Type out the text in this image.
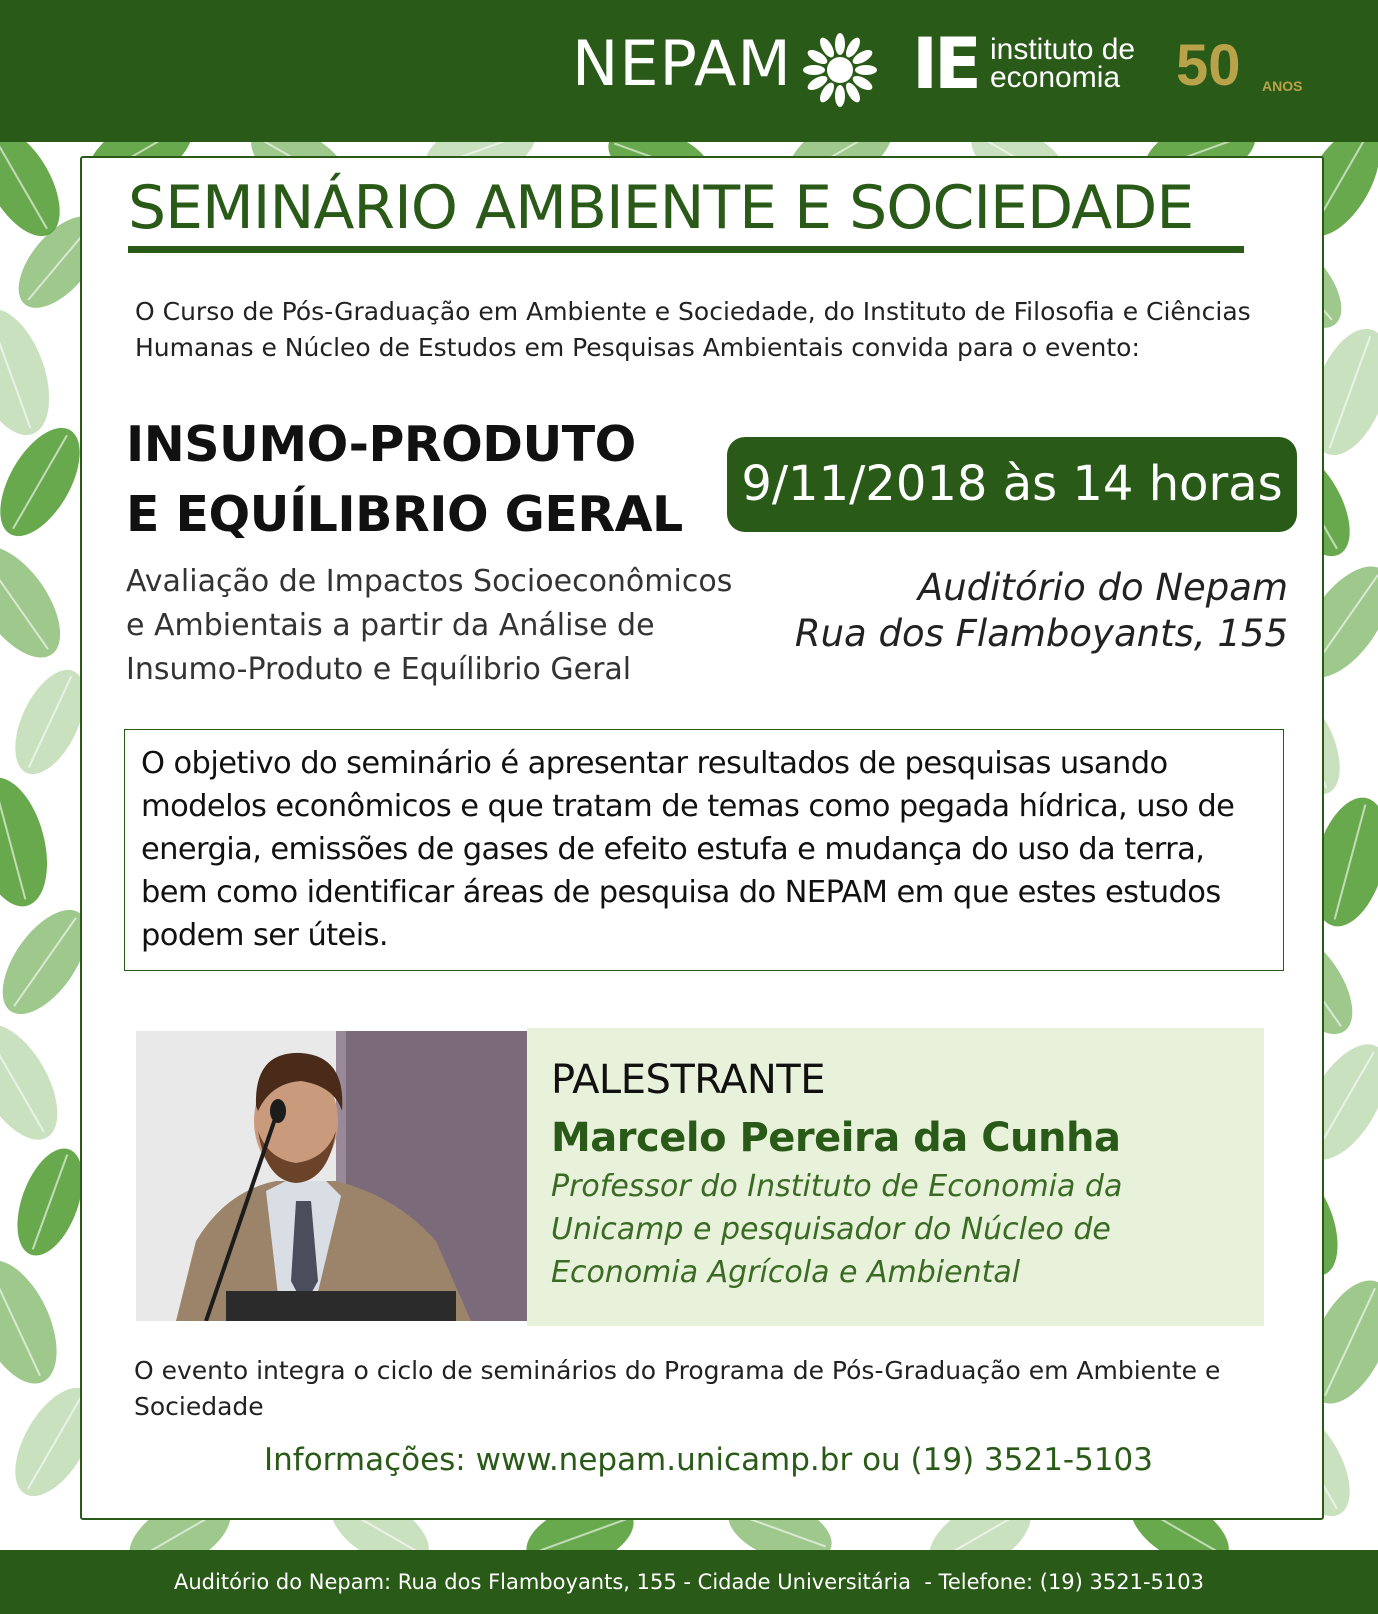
NEPAM IE instituto de
economia 50 ANOS
SEMINÁRIO AMBIENTE E SOCIEDADE
O Curso de Pós-Graduação em Ambiente e Sociedade, do Instituto de Filosofia e Ciências Humanas e Núcleo de Estudos em Pesquisas Ambientais convida para o evento:
INSUMO-PRODUTO
E EQUÍLIBRIO GERAL
Avaliação de Impactos Socioeconômicos e Ambientais a partir da Análise de Insumo-Produto e Equílibrio Geral
9/11/2018 às 14 horas
Auditório do Nepam
Rua dos Flamboyants, 155
O objetivo do seminário é apresentar resultados de pesquisas usando modelos econômicos e que tratam de temas como pegada hídrica, uso de energia, emissões de gases de efeito estufa e mudança do uso da terra, bem como identificar áreas de pesquisa do NEPAM em que estes estudos podem ser úteis.
PALESTRANTE
Marcelo Pereira da Cunha
Professor do Instituto de Economia da Unicamp e pesquisador do Núcleo de Economia Agrícola e Ambiental
O evento integra o ciclo de seminários do Programa de Pós-Graduação em Ambiente e Sociedade
Informações: www.nepam.unicamp.br ou (19) 3521-5103
Auditório do Nepam: Rua dos Flamboyants, 155 - Cidade Universitária  - Telefone: (19) 3521-5103
